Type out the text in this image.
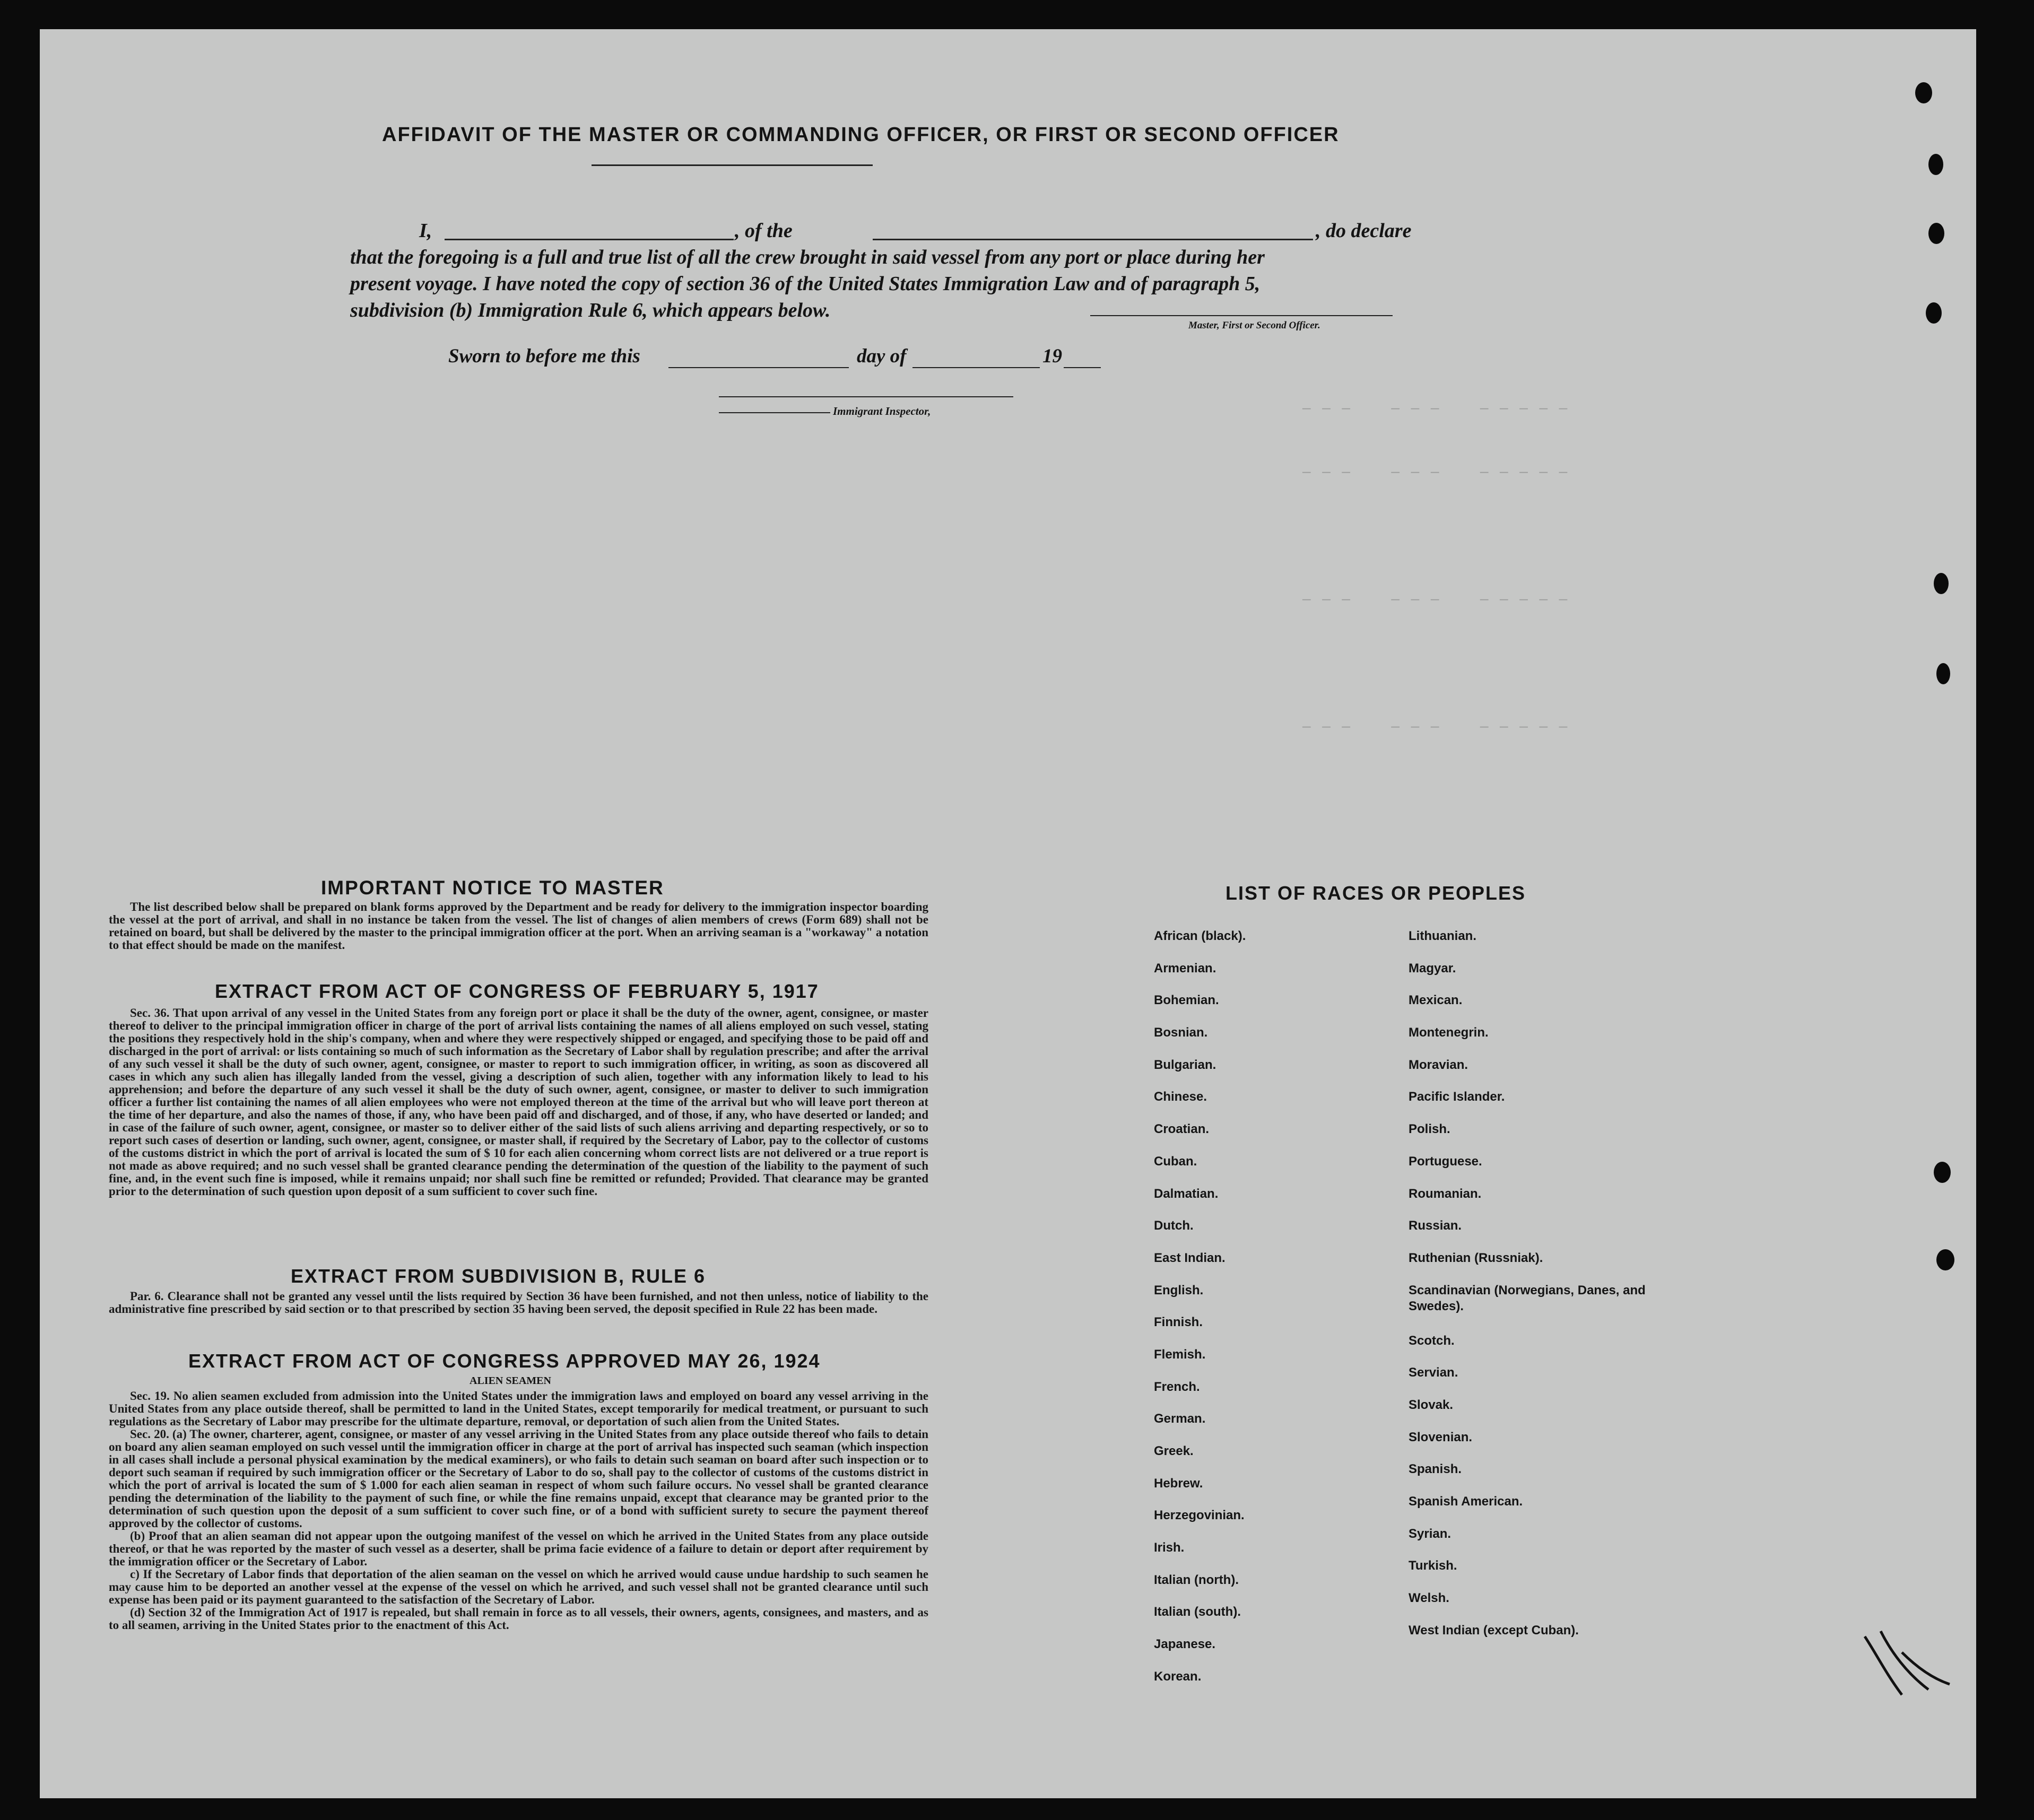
AFFIDAVIT OF THE MASTER OR COMMANDING OFFICER, OR FIRST OR SECOND OFFICER
I,	, of the	, do declare
that the foregoing is a full and true list of all the crew brought in said vessel from any port or place during her
present voyage. I have noted the copy of section 36 of the United States Immigration Law and of paragraph 5,
subdivision (b) Immigration Rule 6, which appears below.
Master, First or Second Officer.
Sworn to before me this	day of	19
Immigrant Inspector,	— — —    — — —    — — — — —
— — —    — — —    — — — — —
— — —    — — —    — — — — —
— — —    — — —    — — — — —
IMPORTANT NOTICE TO MASTER

The list described below shall be prepared on blank forms approved by the Department and be ready for delivery to the immigration inspector boarding the vessel at the port of arrival, and shall in no instance be taken from the vessel. The list of changes of alien members of crews (Form 689) shall not be retained on board, but shall be delivered by the master to the principal immigration officer at the port. When an arriving seaman is a "workaway" a notation to that effect should be made on the manifest.

EXTRACT FROM ACT OF CONGRESS OF FEBRUARY 5, 1917

Sec. 36. That upon arrival of any vessel in the United States from any foreign port or place it shall be the duty of the owner, agent, consignee, or master thereof to deliver to the principal immigration officer in charge of the port of arrival lists containing the names of all aliens employed on such vessel, stating the positions they respectively hold in the ship's company, when and where they were respectively shipped or engaged, and specifying those to be paid off and discharged in the port of arrival: or lists containing so much of such information as the Secretary of Labor shall by regulation prescribe; and after the arrival of any such vessel it shall be the duty of such owner, agent, consignee, or master to report to such immigration officer, in writing, as soon as discovered all cases in which any such alien has illegally landed from the vessel, giving a description of such alien, together with any information likely to lead to his apprehension; and before the departure of any such vessel it shall be the duty of such owner, agent, consignee, or master to deliver to such immigration officer a further list containing the names of all alien employees who were not employed thereon at the time of the arrival but who will leave port thereon at the time of her departure, and also the names of those, if any, who have been paid off and discharged, and of those, if any, who have deserted or landed; and in case of the failure of such owner, agent, consignee, or master so to deliver either of the said lists of such aliens arriving and departing respectively, or so to report such cases of desertion or landing, such owner, agent, consignee, or master shall, if required by the Secretary of Labor, pay to the collector of customs of the customs district in which the port of arrival is located the sum of $ 10 for each alien concerning whom correct lists are not delivered or a true report is not made as above required; and no such vessel shall be granted clearance pending the determination of the question of the liability to the payment of such fine, and, in the event such fine is imposed, while it remains unpaid; nor shall such fine be remitted or refunded; Provided. That clearance may be granted prior to the determination of such question upon deposit of a sum sufficient to cover such fine.

EXTRACT FROM SUBDIVISION B, RULE 6

Par. 6. Clearance shall not be granted any vessel until the lists required by Section 36 have been furnished, and not then unless, notice of liability to the administrative fine prescribed by said section or to that prescribed by section 35 having been served, the deposit specified in Rule 22 has been made.

EXTRACT FROM ACT OF CONGRESS APPROVED MAY 26, 1924
ALIEN SEAMEN

Sec. 19. No alien seamen excluded from admission into the United States under the immigration laws and employed on board any vessel arriving in the United States from any place outside thereof, shall be permitted to land in the United States, except temporarily for medical treatment, or pursuant to such regulations as the Secretary of Labor may prescribe for the ultimate departure, removal, or deportation of such alien from the United States.

Sec. 20. (a) The owner, charterer, agent, consignee, or master of any vessel arriving in the United States from any place outside thereof who fails to detain on board any alien seaman employed on such vessel until the immigration officer in charge at the port of arrival has inspected such seaman (which inspection in all cases shall include a personal physical examination by the medical examiners), or who fails to detain such seaman on board after such inspection or to deport such seaman if required by such immigration officer or the Secretary of Labor to do so, shall pay to the collector of customs of the customs district in which the port of arrival is located the sum of $ 1.000 for each alien seaman in respect of whom such failure occurs. No vessel shall be granted clearance pending the determination of the liability to the payment of such fine, or while the fine remains unpaid, except that clearance may be granted prior to the determination of such question upon the deposit of a sum sufficient to cover such fine, or of a bond with sufficient surety to secure the payment thereof approved by the collector of customs.

(b) Proof that an alien seaman did not appear upon the outgoing manifest of the vessel on which he arrived in the United States from any place outside thereof, or that he was reported by the master of such vessel as a deserter, shall be prima facie evidence of a failure to detain or deport after requirement by the immigration officer or the Secretary of Labor.

c) If the Secretary of Labor finds that deportation of the alien seaman on the vessel on which he arrived would cause undue hardship to such seamen he may cause him to be deported an another vessel at the expense of the vessel on which he arrived, and such vessel shall not be granted clearance until such expense has been paid or its payment guaranteed to the satisfaction of the Secretary of Labor.

(d) Section 32 of the Immigration Act of 1917 is repealed, but shall remain in force as to all vessels, their owners, agents, consignees, and masters, and as to all seamen, arriving in the United States prior to the enactment of this Act.

LIST OF RACES OR PEOPLES
African (black).
Armenian.
Bohemian.
Bosnian.
Bulgarian.
Chinese.
Croatian.
Cuban.
Dalmatian.
Dutch.
East Indian.
English.
Finnish.
Flemish.
French.
German.
Greek.
Hebrew.
Herzegovinian.
Irish.
Italian (north).
Italian (south).
Japanese.
Korean.
Lithuanian.
Magyar.
Mexican.
Montenegrin.
Moravian.
Pacific Islander.
Polish.
Portuguese.
Roumanian.
Russian.
Ruthenian (Russniak).
Scandinavian (Norwegians, Danes, and Swedes).
Scotch.
Servian.
Slovak.
Slovenian.
Spanish.
Spanish American.
Syrian.
Turkish.
Welsh.
West Indian (except Cuban).
